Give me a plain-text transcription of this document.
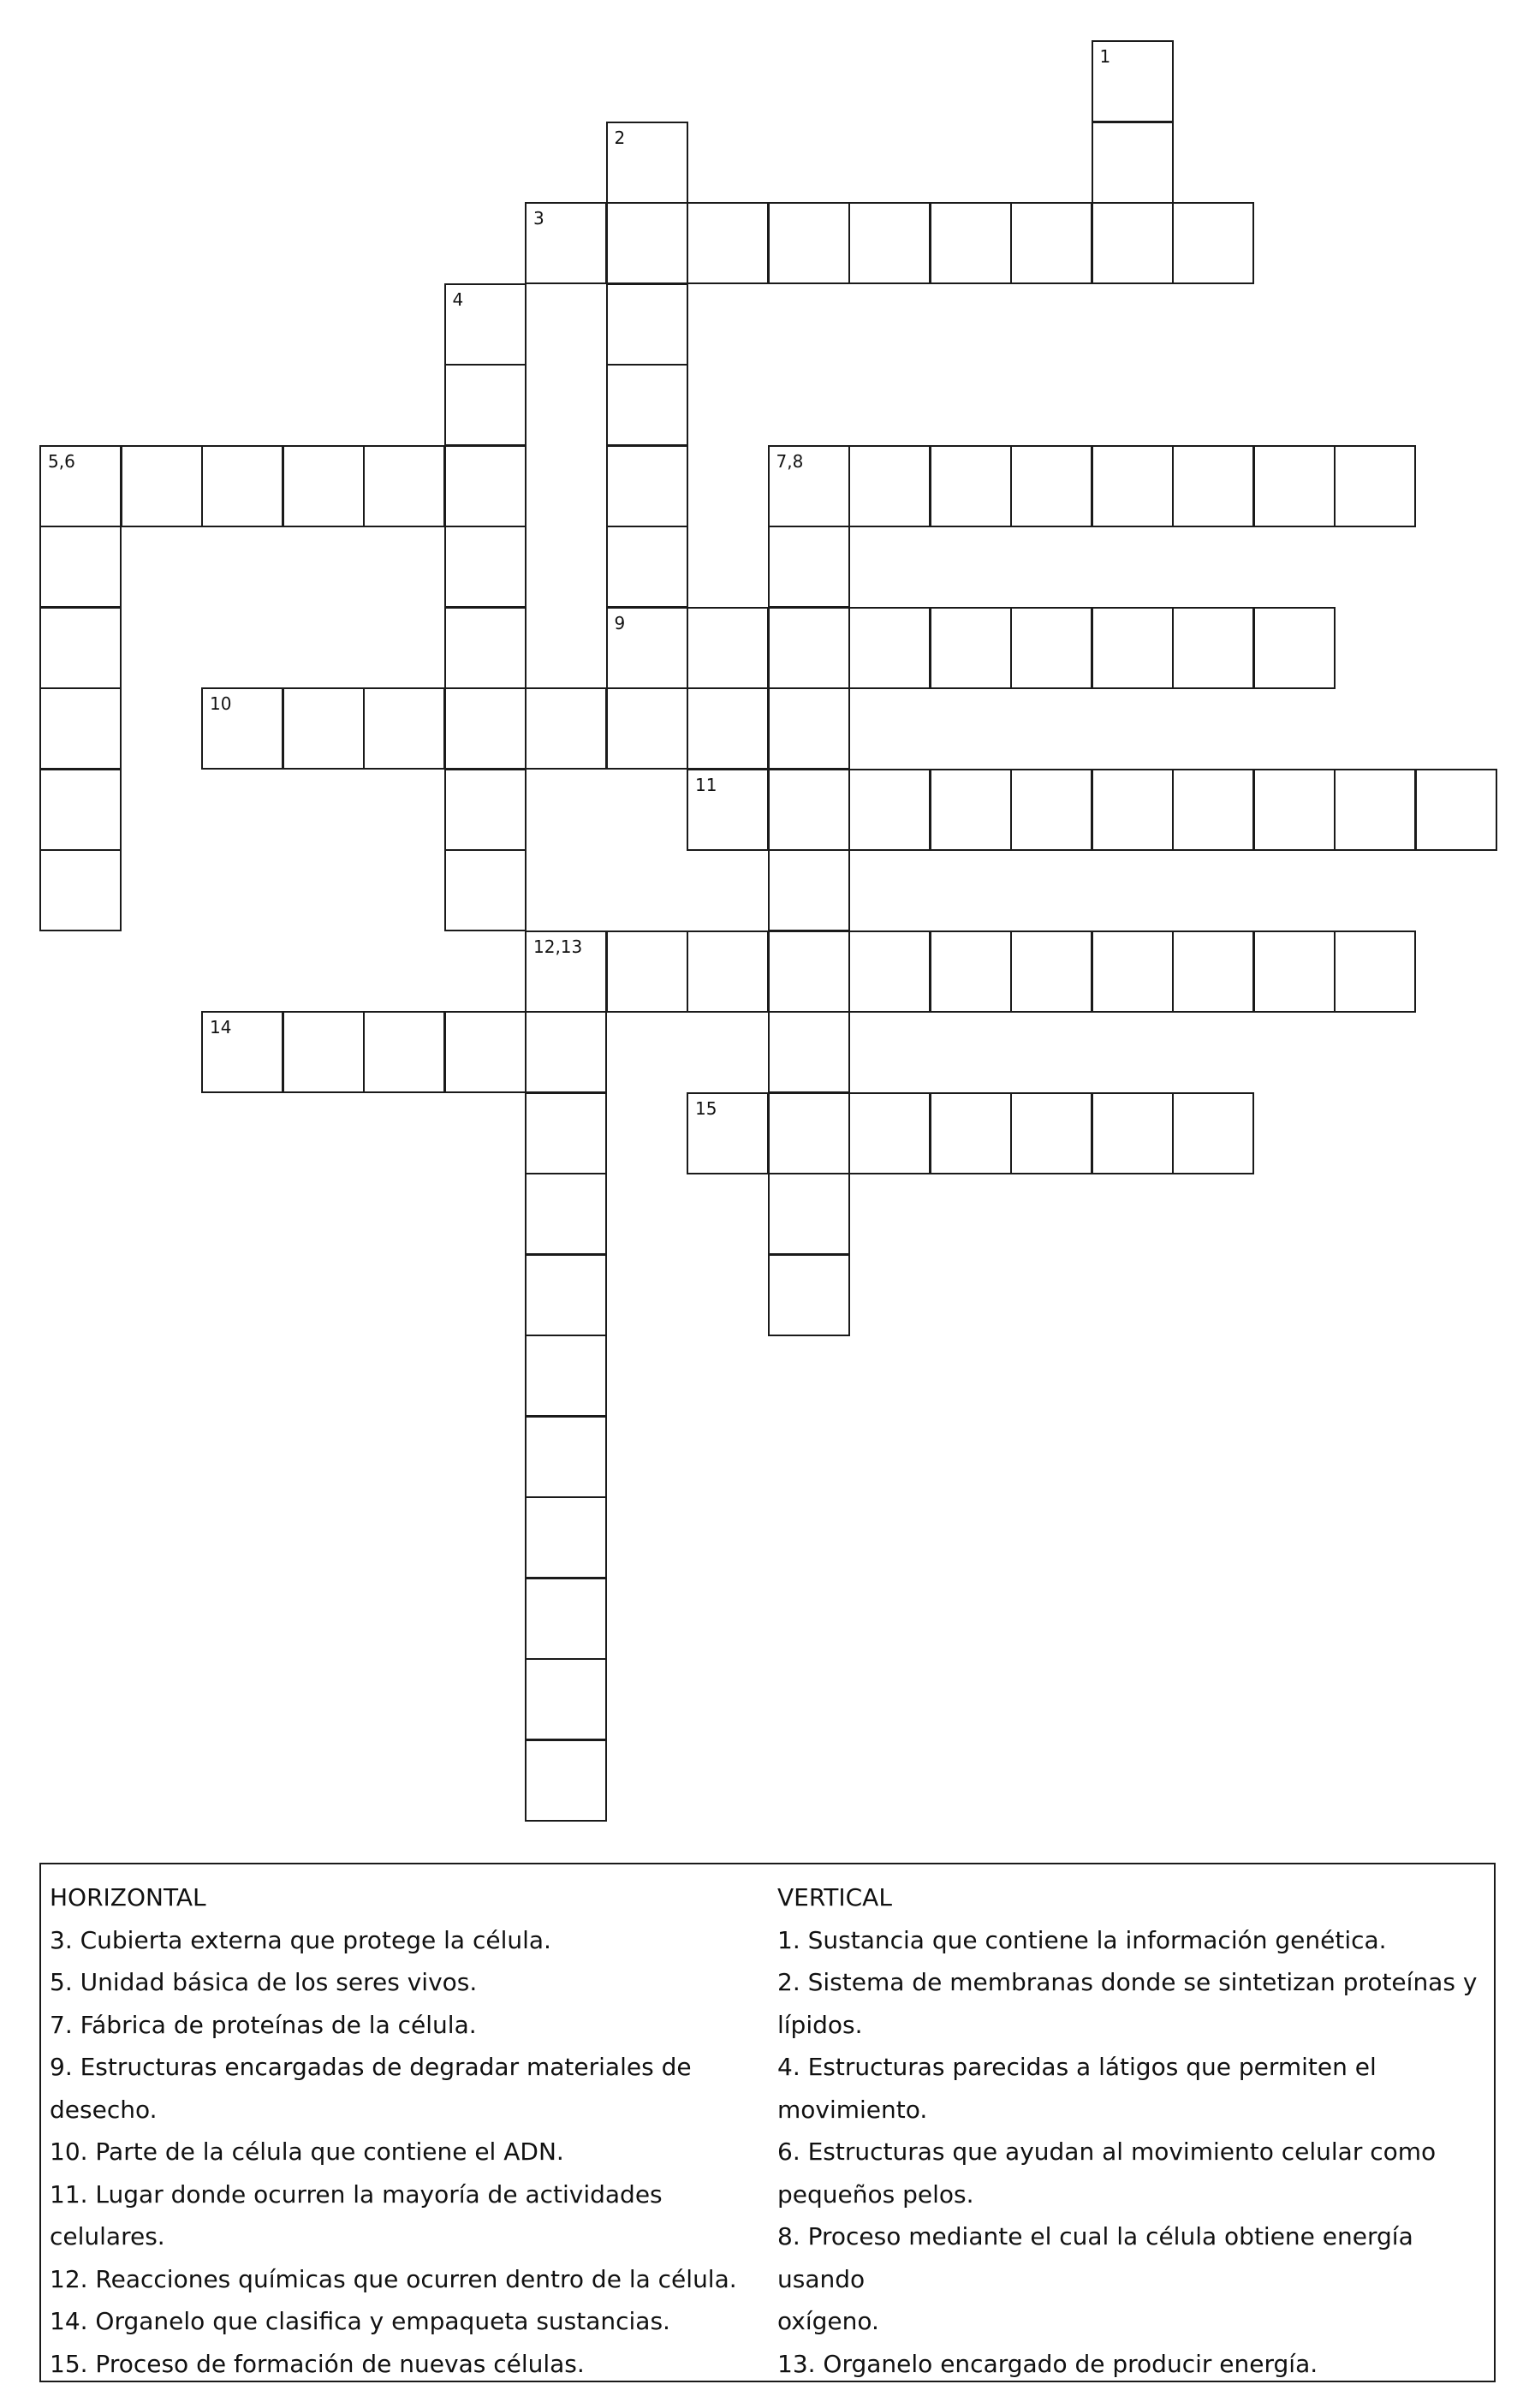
1
2
3
4
5,6	7,8
9
10
11
12,13
14
15
HORIZONTAL
3. Cubierta externa que protege la célula.
5. Unidad básica de los seres vivos.
7. Fábrica de proteínas de la célula.
9. Estructuras encargadas de degradar materiales de
desecho.
10. Parte de la célula que contiene el ADN.
11. Lugar donde ocurren la mayoría de actividades celulares.
12. Reacciones químicas que ocurren dentro de la célula.
14. Organelo que clasifica y empaqueta sustancias.
15. Proceso de formación de nuevas células.
VERTICAL
1. Sustancia que contiene la información genética.
2. Sistema de membranas donde se sintetizan proteínas y
lípidos.
4. Estructuras parecidas a látigos que permiten el
movimiento.
6. Estructuras que ayudan al movimiento celular como
pequeños pelos.
8. Proceso mediante el cual la célula obtiene energía usando
oxígeno.
13. Organelo encargado de producir energía.
